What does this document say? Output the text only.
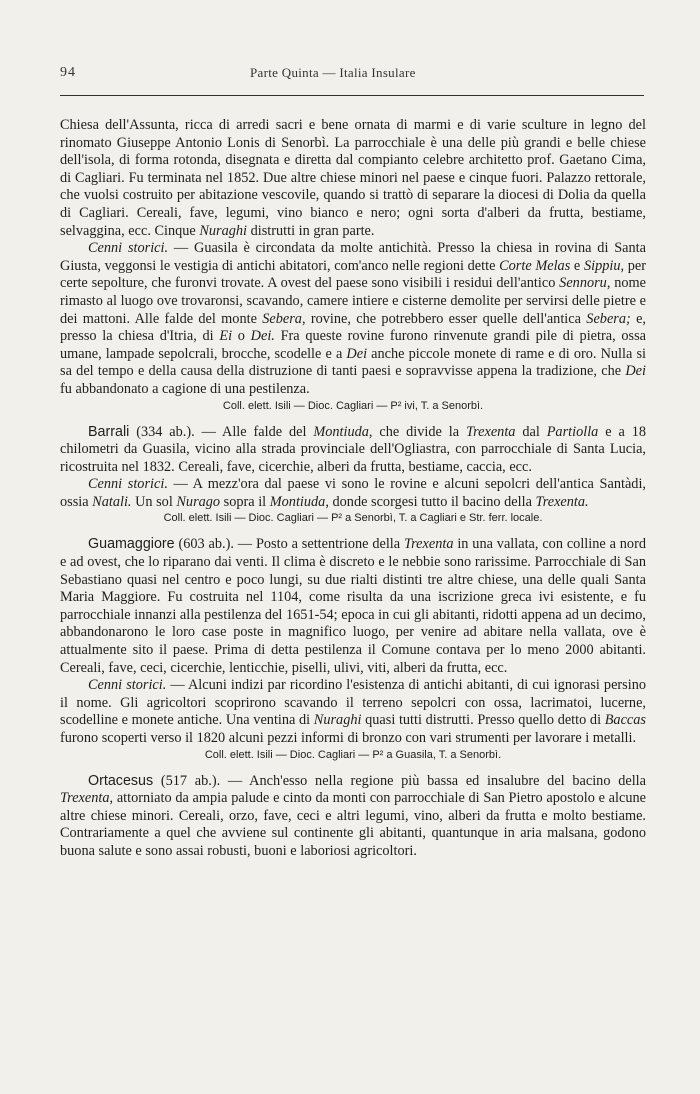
94	Parte Quinta — Italia Insulare

Chiesa dell'Assunta, ricca di arredi sacri e bene ornata di marmi e di varie sculture in legno del rinomato Giuseppe Antonio Lonis di Senorbì. La parrocchiale è una delle più grandi e belle chiese dell'isola, di forma rotonda, disegnata e diretta dal compianto celebre architetto prof. Gaetano Cima, di Cagliari. Fu terminata nel 1852. Due altre chiese minori nel paese e cinque fuori. Palazzo rettorale, che vuolsi costruito per abitazione vescovile, quando si trattò di separare la diocesi di Dolia da quella di Cagliari. Cereali, fave, legumi, vino bianco e nero; ogni sorta d'alberi da frutta, bestiame, selvaggina, ecc. Cinque Nuraghi distrutti in gran parte.

Cenni storici. — Guasila è circondata da molte antichità. Presso la chiesa in rovina di Santa Giusta, veggonsi le vestigia di antichi abitatori, com'anco nelle regioni dette Corte Melas e Sippiu, per certe sepolture, che furonvi trovate. A ovest del paese sono visibili i residui dell'antico Sennoru, nome rimasto al luogo ove trovaronsi, scavando, camere intiere e cisterne demolite per servirsi delle pietre e dei mattoni. Alle falde del monte Sebera, rovine, che potrebbero esser quelle dell'antica Sebera; e, presso la chiesa d'Itria, di Ei o Dei. Fra queste rovine furono rinvenute grandi pile di pietra, ossa umane, lampade sepolcrali, brocche, scodelle e a Dei anche piccole monete di rame e di oro. Nulla si sa del tempo e della causa della distruzione di tanti paesi e sopravvisse appena la tradizione, che Dei fu abbandonato a cagione di una pestilenza.

Coll. elett. Isili — Dioc. Cagliari — P² ivi, T. a Senorbì.

Barrali (334 ab.). — Alle falde del Montiuda, che divide la Trexenta dal Partiolla e a 18 chilometri da Guasila, vicino alla strada provinciale dell'Ogliastra, con parrocchiale di Santa Lucia, ricostruita nel 1832. Cereali, fave, cicerchie, alberi da frutta, bestiame, caccia, ecc.

Cenni storici. — A mezz'ora dal paese vi sono le rovine e alcuni sepolcri dell'antica Santàdi, ossia Natali. Un sol Nurago sopra il Montiuda, donde scorgesi tutto il bacino della Trexenta.

Coll. elett. Isili — Dioc. Cagliari — P² a Senorbì, T. a Cagliari e Str. ferr. locale.

Guamaggiore (603 ab.). — Posto a settentrione della Trexenta in una vallata, con colline a nord e ad ovest, che lo riparano dai venti. Il clima è discreto e le nebbie sono rarissime. Parrocchiale di San Sebastiano quasi nel centro e poco lungi, su due rialti distinti tre altre chiese, una delle quali Santa Maria Maggiore. Fu costruita nel 1104, come risulta da una iscrizione greca ivi esistente, e fu parrocchiale innanzi alla pestilenza del 1651-54; epoca in cui gli abitanti, ridotti appena ad un decimo, abbandonarono le loro case poste in magnifico luogo, per venire ad abitare nella vallata, ove è attualmente sito il paese. Prima di detta pestilenza il Comune contava per lo meno 2000 abitanti. Cereali, fave, ceci, cicerchie, lenticchie, piselli, ulivi, viti, alberi da frutta, ecc.

Cenni storici. — Alcuni indizi par ricordino l'esistenza di antichi abitanti, di cui ignorasi persino il nome. Gli agricoltori scoprirono scavando il terreno sepolcri con ossa, lacrimatoi, lucerne, scodelline e monete antiche. Una ventina di Nuraghi quasi tutti distrutti. Presso quello detto di Baccas furono scoperti verso il 1820 alcuni pezzi informi di bronzo con vari strumenti per lavorare i metalli.

Coll. elett. Isili — Dioc. Cagliari — P² a Guasila, T. a Senorbì.

Ortacesus (517 ab.). — Anch'esso nella regione più bassa ed insalubre del bacino della Trexenta, attorniato da ampia palude e cinto da monti con parrocchiale di San Pietro apostolo e alcune altre chiese minori. Cereali, orzo, fave, ceci e altri legumi, vino, alberi da frutta e molto bestiame. Contrariamente a quel che avviene sul continente gli abitanti, quantunque in aria malsana, godono buona salute e sono assai robusti, buoni e laboriosi agricoltori.
